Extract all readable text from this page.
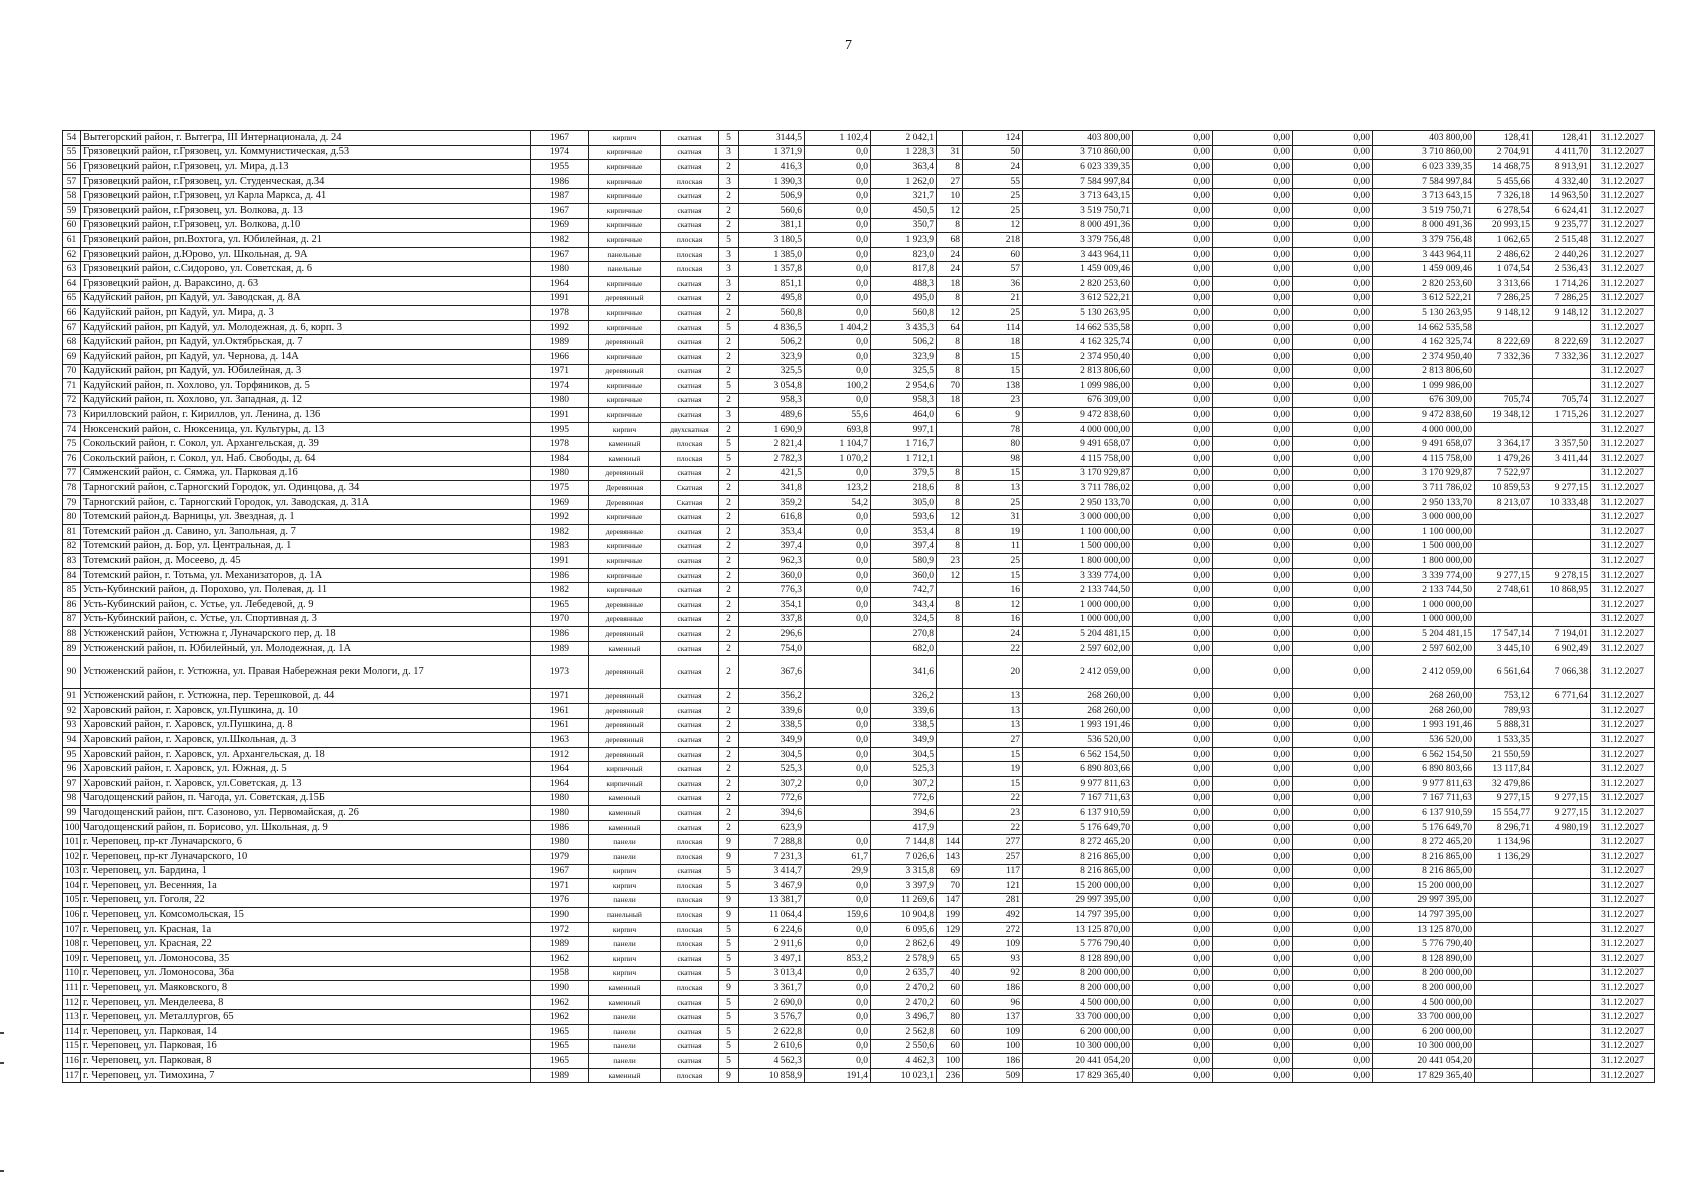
7
54	Вытегорский район, г. Вытегра, III Интернационала, д. 24	1967	кирпич	скатная	5	3144,5	1 102,4	2 042,1		124	403 800,00	0,00	0,00	0,00	403 800,00	128,41	128,41	31.12.2027
55	Грязовецкий район, г.Грязовец, ул. Коммунистическая, д.53	1974	кирпичные	скатная	3	1 371,9	0,0	1 228,3	31	50	3 710 860,00	0,00	0,00	0,00	3 710 860,00	2 704,91	4 411,70	31.12.2027
56	Грязовецкий район, г.Грязовец, ул. Мира, д.13	1955	кирпичные	скатная	2	416,3	0,0	363,4	8	24	6 023 339,35	0,00	0,00	0,00	6 023 339,35	14 468,75	8 913,91	31.12.2027
57	Грязовецкий район, г.Грязовец, ул. Студенческая, д.34	1986	кирпичные	плоская	3	1 390,3	0,0	1 262,0	27	55	7 584 997,84	0,00	0,00	0,00	7 584 997,84	5 455,66	4 332,40	31.12.2027
58	Грязовецкий район, г.Грязовец, ул Карла Маркса, д. 41	1987	кирпичные	скатная	2	506,9	0,0	321,7	10	25	3 713 643,15	0,00	0,00	0,00	3 713 643,15	7 326,18	14 963,50	31.12.2027
59	Грязовецкий район, г.Грязовец, ул. Волкова, д. 13	1967	кирпичные	скатная	2	560,6	0,0	450,5	12	25	3 519 750,71	0,00	0,00	0,00	3 519 750,71	6 278,54	6 624,41	31.12.2027
60	Грязовецкий район, г.Грязовец, ул. Волкова, д.10	1969	кирпичные	скатная	2	381,1	0,0	350,7	8	12	8 000 491,36	0,00	0,00	0,00	8 000 491,36	20 993,15	9 235,77	31.12.2027
61	Грязовецкий район, рп.Вохтога, ул. Юбилейная, д. 21	1982	кирпичные	плоская	5	3 180,5	0,0	1 923,9	68	218	3 379 756,48	0,00	0,00	0,00	3 379 756,48	1 062,65	2 515,48	31.12.2027
62	Грязовецкий район, д.Юрово, ул. Школьная, д. 9А	1967	панельные	плоская	3	1 385,0	0,0	823,0	24	60	3 443 964,11	0,00	0,00	0,00	3 443 964,11	2 486,62	2 440,26	31.12.2027
63	Грязовецкий район, с.Сидорово, ул. Советская, д. 6	1980	панельные	плоская	3	1 357,8	0,0	817,8	24	57	1 459 009,46	0,00	0,00	0,00	1 459 009,46	1 074,54	2 536,43	31.12.2027
64	Грязовецкий район, д. Вараксино, д. 63	1964	кирпичные	скатная	3	851,1	0,0	488,3	18	36	2 820 253,60	0,00	0,00	0,00	2 820 253,60	3 313,66	1 714,26	31.12.2027
65	Кадуйский район, рп Кадуй, ул. Заводская, д. 8А	1991	деревянный	скатная	2	495,8	0,0	495,0	8	21	3 612 522,21	0,00	0,00	0,00	3 612 522,21	7 286,25	7 286,25	31.12.2027
66	Кадуйский район, рп Кадуй, ул. Мира, д. 3	1978	кирпичные	скатная	2	560,8	0,0	560,8	12	25	5 130 263,95	0,00	0,00	0,00	5 130 263,95	9 148,12	9 148,12	31.12.2027
67	Кадуйский район, рп Кадуй, ул. Молодежная, д. 6, корп. 3	1992	кирпичные	скатная	5	4 836,5	1 404,2	3 435,3	64	114	14 662 535,58	0,00	0,00	0,00	14 662 535,58			31.12.2027
68	Кадуйский район, рп Кадуй, ул.Октябрьская, д. 7	1989	деревянный	скатная	2	506,2	0,0	506,2	8	18	4 162 325,74	0,00	0,00	0,00	4 162 325,74	8 222,69	8 222,69	31.12.2027
69	Кадуйский район, рп Кадуй, ул. Чернова, д. 14А	1966	кирпичные	скатная	2	323,9	0,0	323,9	8	15	2 374 950,40	0,00	0,00	0,00	2 374 950,40	7 332,36	7 332,36	31.12.2027
70	Кадуйский район, рп Кадуй, ул. Юбилейная, д. 3	1971	деревянный	скатная	2	325,5	0,0	325,5	8	15	2 813 806,60	0,00	0,00	0,00	2 813 806,60			31.12.2027
71	Кадуйский район, п. Хохлово, ул. Торфяников, д. 5	1974	кирпичные	скатная	5	3 054,8	100,2	2 954,6	70	138	1 099 986,00	0,00	0,00	0,00	1 099 986,00			31.12.2027
72	Кадуйский район, п. Хохлово, ул. Западная, д. 12	1980	кирпичные	скатная	2	958,3	0,0	958,3	18	23	676 309,00	0,00	0,00	0,00	676 309,00	705,74	705,74	31.12.2027
73	Кирилловский район, г. Кириллов, ул. Ленина, д. 136	1991	кирпичные	скатная	3	489,6	55,6	464,0	6	9	9 472 838,60	0,00	0,00	0,00	9 472 838,60	19 348,12	1 715,26	31.12.2027
74	Нюксенский район, с. Нюксеница, ул. Культуры, д. 13	1995	кирпич	двухскатная	2	1 690,9	693,8	997,1		78	4 000 000,00	0,00	0,00	0,00	4 000 000,00			31.12.2027
75	Сокольский район, г. Сокол, ул. Архангельская, д. 39	1978	каменный	плоская	5	2 821,4	1 104,7	1 716,7		80	9 491 658,07	0,00	0,00	0,00	9 491 658,07	3 364,17	3 357,50	31.12.2027
76	Сокольский район, г. Сокол, ул. Наб. Свободы, д. 64	1984	каменный	плоская	5	2 782,3	1 070,2	1 712,1		98	4 115 758,00	0,00	0,00	0,00	4 115 758,00	1 479,26	3 411,44	31.12.2027
77	Сямженский район, с. Сямжа, ул. Парковая д.16	1980	деревянный	скатная	2	421,5	0,0	379,5	8	15	3 170 929,87	0,00	0,00	0,00	3 170 929,87	7 522,97		31.12.2027
78	Тарногский район, с.Тарногский Городок, ул. Одинцова, д. 34	1975	Деревянная	Скатная	2	341,8	123,2	218,6	8	13	3 711 786,02	0,00	0,00	0,00	3 711 786,02	10 859,53	9 277,15	31.12.2027
79	Тарногский район, с. Тарногский Городок, ул. Заводская, д. 31А	1969	Деревянная	Скатная	2	359,2	54,2	305,0	8	25	2 950 133,70	0,00	0,00	0,00	2 950 133,70	8 213,07	10 333,48	31.12.2027
80	Тотемский район,д. Варницы, ул. Звездная, д. 1	1992	кирпичные	скатная	2	616,8	0,0	593,6	12	31	3 000 000,00	0,00	0,00	0,00	3 000 000,00			31.12.2027
81	Тотемский район ,д. Савино, ул. Запольная, д. 7	1982	деревянные	скатная	2	353,4	0,0	353,4	8	19	1 100 000,00	0,00	0,00	0,00	1 100 000,00			31.12.2027
82	Тотемский район, д. Бор, ул. Центральная, д. 1	1983	кирпичные	скатная	2	397,4	0,0	397,4	8	11	1 500 000,00	0,00	0,00	0,00	1 500 000,00			31.12.2027
83	Тотемский район, д. Мосеево, д. 45	1991	кирпичные	скатная	2	962,3	0,0	580,9	23	25	1 800 000,00	0,00	0,00	0,00	1 800 000,00			31.12.2027
84	Тотемский район, г. Тотьма, ул. Механизаторов, д. 1А	1986	кирпичные	скатная	2	360,0	0,0	360,0	12	15	3 339 774,00	0,00	0,00	0,00	3 339 774,00	9 277,15	9 278,15	31.12.2027
85	Усть-Кубинский район, д. Порохово, ул. Полевая, д. 11	1982	кирпичные	скатная	2	776,3	0,0	742,7		16	2 133 744,50	0,00	0,00	0,00	2 133 744,50	2 748,61	10 868,95	31.12.2027
86	Усть-Кубинский район, с. Устье, ул. Лебедевой, д. 9	1965	деревянные	скатная	2	354,1	0,0	343,4	8	12	1 000 000,00	0,00	0,00	0,00	1 000 000,00			31.12.2027
87	Усть-Кубинский район, с. Устье, ул. Спортивная д. 3	1970	деревянные	скатная	2	337,8	0,0	324,5	8	16	1 000 000,00	0,00	0,00	0,00	1 000 000,00			31.12.2027
88	Устюженский район, Устюжна г, Луначарского пер, д. 18	1986	деревянный	скатная	2	296,6		270,8		24	5 204 481,15	0,00	0,00	0,00	5 204 481,15	17 547,14	7 194,01	31.12.2027
89	Устюженский район, п. Юбилейный, ул. Молодежная, д. 1А	1989	каменный	скатная	2	754,0		682,0		22	2 597 602,00	0,00	0,00	0,00	2 597 602,00	3 445,10	6 902,49	31.12.2027
90	Устюженский район, г. Устюжна, ул. Правая Набережная реки Мологи, д. 17	1973	деревянный	скатная	2	367,6		341,6		20	2 412 059,00	0,00	0,00	0,00	2 412 059,00	6 561,64	7 066,38	31.12.2027
91	Устюженский район, г. Устюжна, пер. Терешковой, д. 44	1971	деревянный	скатная	2	356,2		326,2		13	268 260,00	0,00	0,00	0,00	268 260,00	753,12	6 771,64	31.12.2027
92	Харовский район, г. Харовск, ул.Пушкина, д. 10	1961	деревянный	скатная	2	339,6	0,0	339,6		13	268 260,00	0,00	0,00	0,00	268 260,00	789,93		31.12.2027
93	Харовский район, г. Харовск, ул.Пушкина, д. 8	1961	деревянный	скатная	2	338,5	0,0	338,5		13	1 993 191,46	0,00	0,00	0,00	1 993 191,46	5 888,31		31.12.2027
94	Харовский район, г. Харовск, ул.Школьная, д. 3	1963	деревянный	скатная	2	349,9	0,0	349,9		27	536 520,00	0,00	0,00	0,00	536 520,00	1 533,35		31.12.2027
95	Харовский район, г. Харовск, ул. Архангельская, д. 18	1912	деревянный	скатная	2	304,5	0,0	304,5		15	6 562 154,50	0,00	0,00	0,00	6 562 154,50	21 550,59		31.12.2027
96	Харовский район, г. Харовск, ул. Южная, д. 5	1964	кирпичный	скатная	2	525,3	0,0	525,3		19	6 890 803,66	0,00	0,00	0,00	6 890 803,66	13 117,84		31.12.2027
97	Харовский район, г. Харовск, ул.Советская, д. 13	1964	кирпичный	скатная	2	307,2	0,0	307,2		15	9 977 811,63	0,00	0,00	0,00	9 977 811,63	32 479,86		31.12.2027
98	Чагодощенский район, п. Чагода, ул. Советская, д.15Б	1980	каменный	скатная	2	772,6		772,6		22	7 167 711,63	0,00	0,00	0,00	7 167 711,63	9 277,15	9 277,15	31.12.2027
99	Чагодощенский район, пгт. Сазоново, ул. Первомайская, д. 26	1980	каменный	скатная	2	394,6		394,6		23	6 137 910,59	0,00	0,00	0,00	6 137 910,59	15 554,77	9 277,15	31.12.2027
100	Чагодощенский район, п. Борисово, ул. Школьная, д. 9	1986	каменный	скатная	2	623,9		417,9		22	5 176 649,70	0,00	0,00	0,00	5 176 649,70	8 296,71	4 980,19	31.12.2027
101	г. Череповец, пр-кт Луначарского, 6	1980	панели	плоская	9	7 288,8	0,0	7 144,8	144	277	8 272 465,20	0,00	0,00	0,00	8 272 465,20	1 134,96		31.12.2027
102	г. Череповец, пр-кт Луначарского, 10	1979	панели	плоская	9	7 231,3	61,7	7 026,6	143	257	8 216 865,00	0,00	0,00	0,00	8 216 865,00	1 136,29		31.12.2027
103	г. Череповец, ул. Бардина, 1	1967	кирпич	скатная	5	3 414,7	29,9	3 315,8	69	117	8 216 865,00	0,00	0,00	0,00	8 216 865,00			31.12.2027
104	г. Череповец, ул. Весенняя, 1а	1971	кирпич	плоская	5	3 467,9	0,0	3 397,9	70	121	15 200 000,00	0,00	0,00	0,00	15 200 000,00			31.12.2027
105	г. Череповец, ул. Гоголя, 22	1976	панели	плоская	9	13 381,7	0,0	11 269,6	147	281	29 997 395,00	0,00	0,00	0,00	29 997 395,00			31.12.2027
106	г. Череповец, ул. Комсомольская, 15	1990	панельный	плоская	9	11 064,4	159,6	10 904,8	199	492	14 797 395,00	0,00	0,00	0,00	14 797 395,00			31.12.2027
107	г. Череповец, ул. Красная, 1а	1972	кирпич	плоская	5	6 224,6	0,0	6 095,6	129	272	13 125 870,00	0,00	0,00	0,00	13 125 870,00			31.12.2027
108	г. Череповец, ул. Красная, 22	1989	панели	плоская	5	2 911,6	0,0	2 862,6	49	109	5 776 790,40	0,00	0,00	0,00	5 776 790,40			31.12.2027
109	г. Череповец, ул. Ломоносова, 35	1962	кирпич	скатная	5	3 497,1	853,2	2 578,9	65	93	8 128 890,00	0,00	0,00	0,00	8 128 890,00			31.12.2027
110	г. Череповец, ул. Ломоносова, 36а	1958	кирпич	скатная	5	3 013,4	0,0	2 635,7	40	92	8 200 000,00	0,00	0,00	0,00	8 200 000,00			31.12.2027
111	г. Череповец, ул. Маяковского, 8	1990	каменный	плоская	9	3 361,7	0,0	2 470,2	60	186	8 200 000,00	0,00	0,00	0,00	8 200 000,00			31.12.2027
112	г. Череповец, ул. Менделеева, 8	1962	каменный	скатная	5	2 690,0	0,0	2 470,2	60	96	4 500 000,00	0,00	0,00	0,00	4 500 000,00			31.12.2027
113	г. Череповец, ул. Металлургов, 65	1962	панели	скатная	5	3 576,7	0,0	3 496,7	80	137	33 700 000,00	0,00	0,00	0,00	33 700 000,00			31.12.2027
114	г. Череповец, ул. Парковая, 14	1965	панели	скатная	5	2 622,8	0,0	2 562,8	60	109	6 200 000,00	0,00	0,00	0,00	6 200 000,00			31.12.2027
115	г. Череповец, ул. Парковая, 16	1965	панели	скатная	5	2 610,6	0,0	2 550,6	60	100	10 300 000,00	0,00	0,00	0,00	10 300 000,00			31.12.2027
116	г. Череповец, ул. Парковая, 8	1965	панели	скатная	5	4 562,3	0,0	4 462,3	100	186	20 441 054,20	0,00	0,00	0,00	20 441 054,20			31.12.2027
117	г. Череповец, ул. Тимохина, 7	1989	каменный	плоская	9	10 858,9	191,4	10 023,1	236	509	17 829 365,40	0,00	0,00	0,00	17 829 365,40			31.12.2027
